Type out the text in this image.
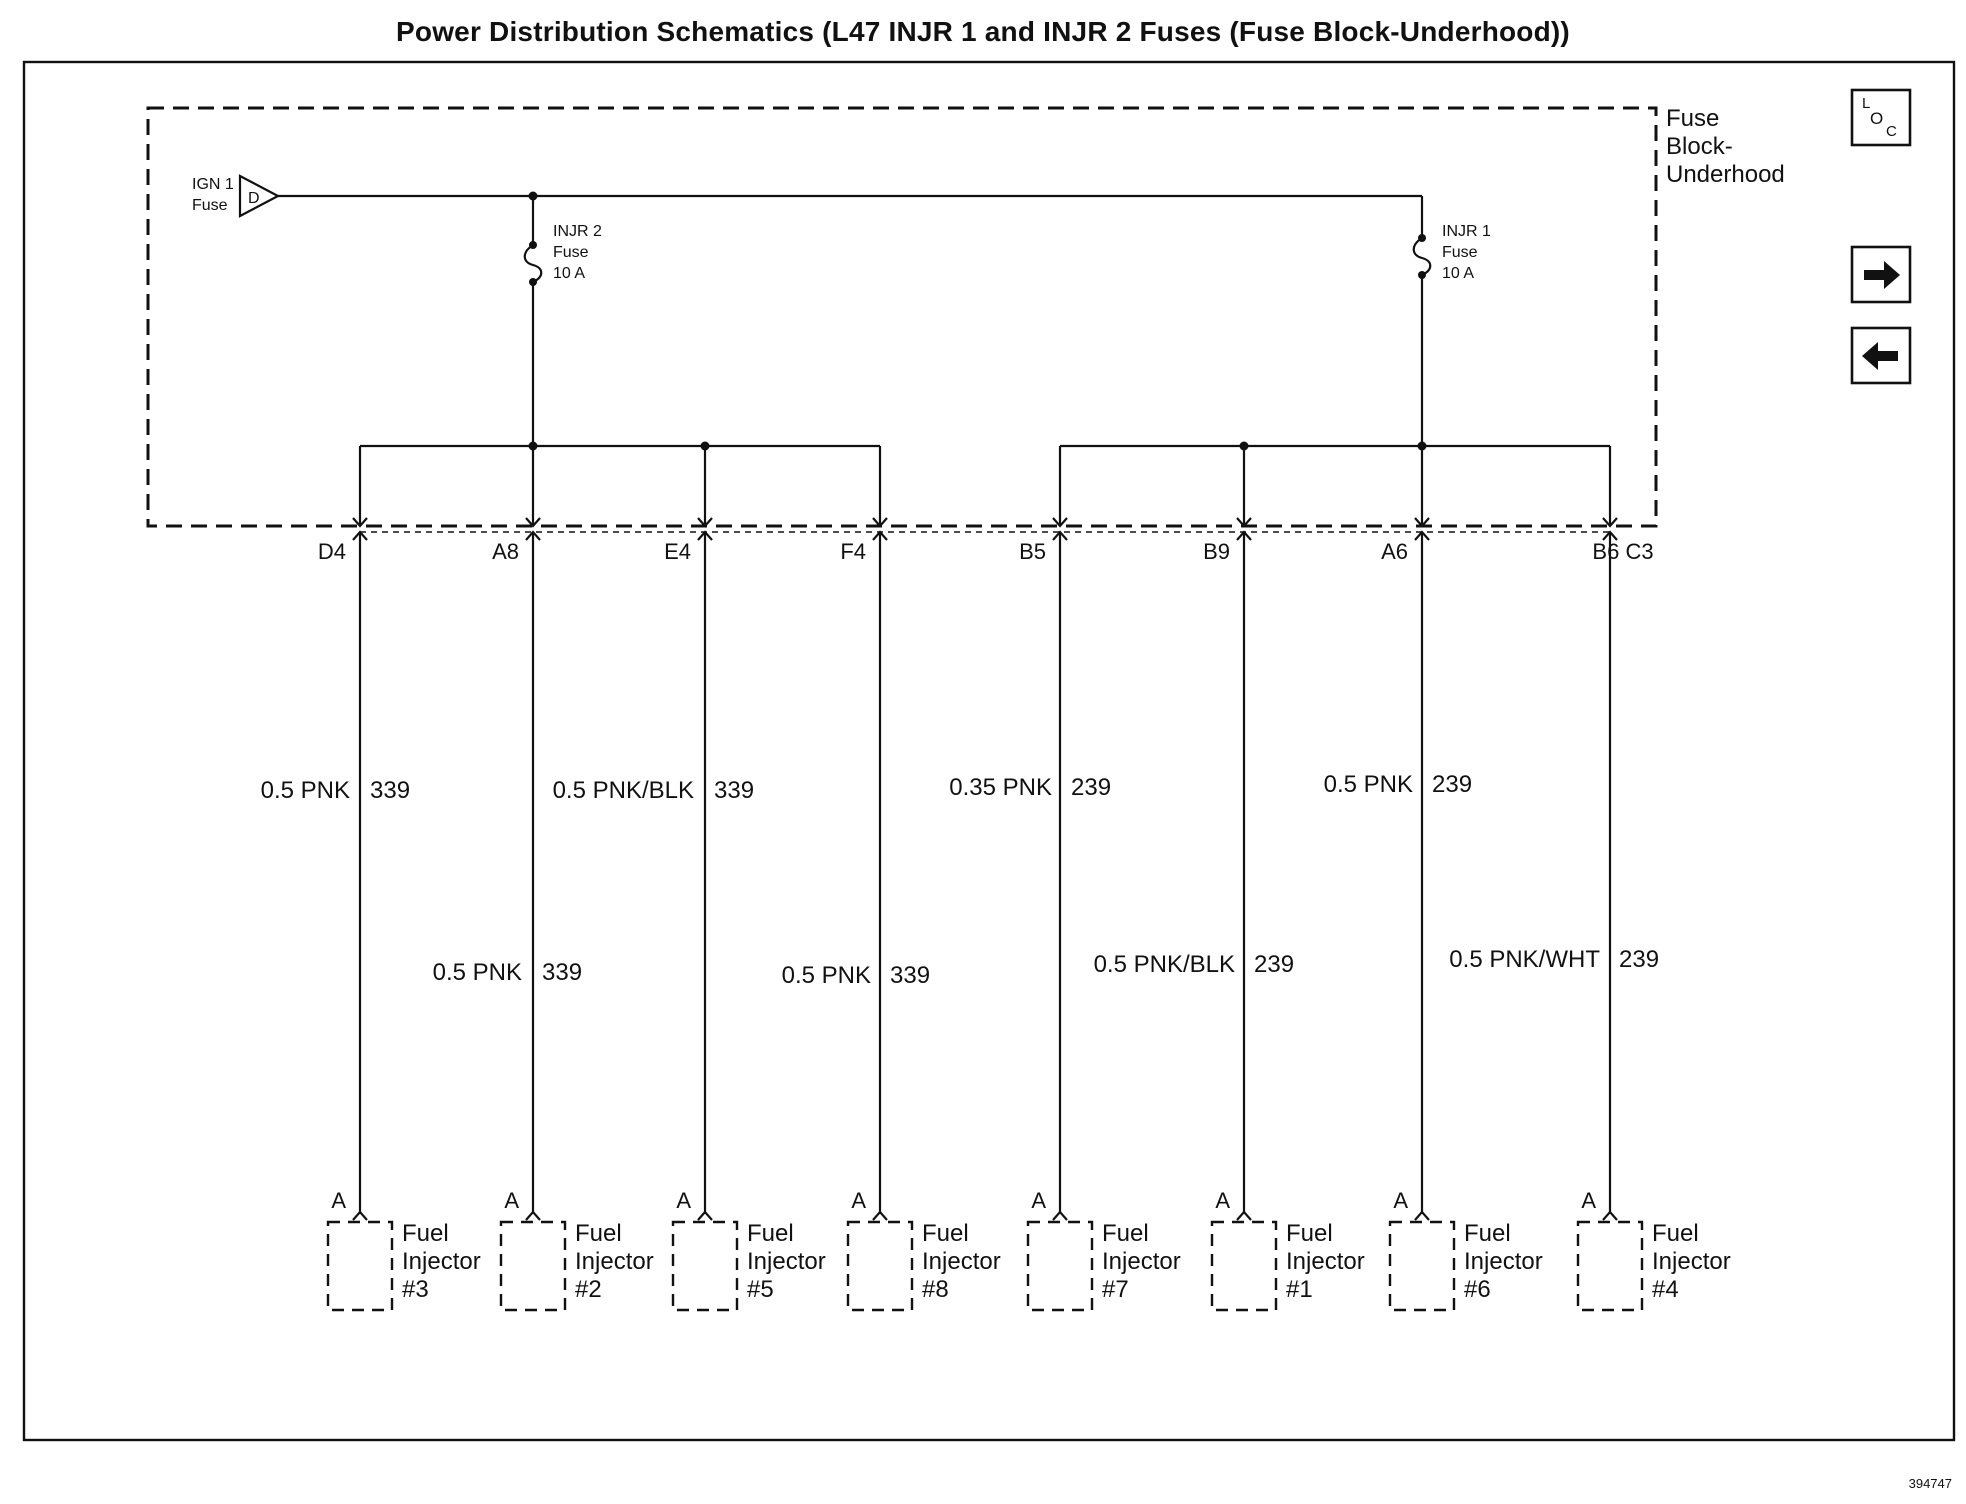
Power Distribution Schematics (L47 INJR 1 and INJR 2 Fuses (Fuse Block-Underhood))
Fuse Block- Underhood
IGN 1 Fuse	D
INJR 2 Fuse 10 A
INJR 1 Fuse 10 A
D4
0.5 PNK 339
A
Fuel Injector #3
A8
0.5 PNK 339
A
Fuel Injector #2
E4
0.5 PNK/BLK 339
A
Fuel Injector #5
F4
0.5 PNK 339
A
Fuel Injector #8
B5
0.35 PNK 239
A
Fuel Injector #7
B9
0.5 PNK/BLK 239
A
Fuel Injector #1
A6
0.5 PNK 239
A
Fuel Injector #6
B6 C3
0.5 PNK/WHT 239
A
Fuel Injector #4
L
O
C
394747
